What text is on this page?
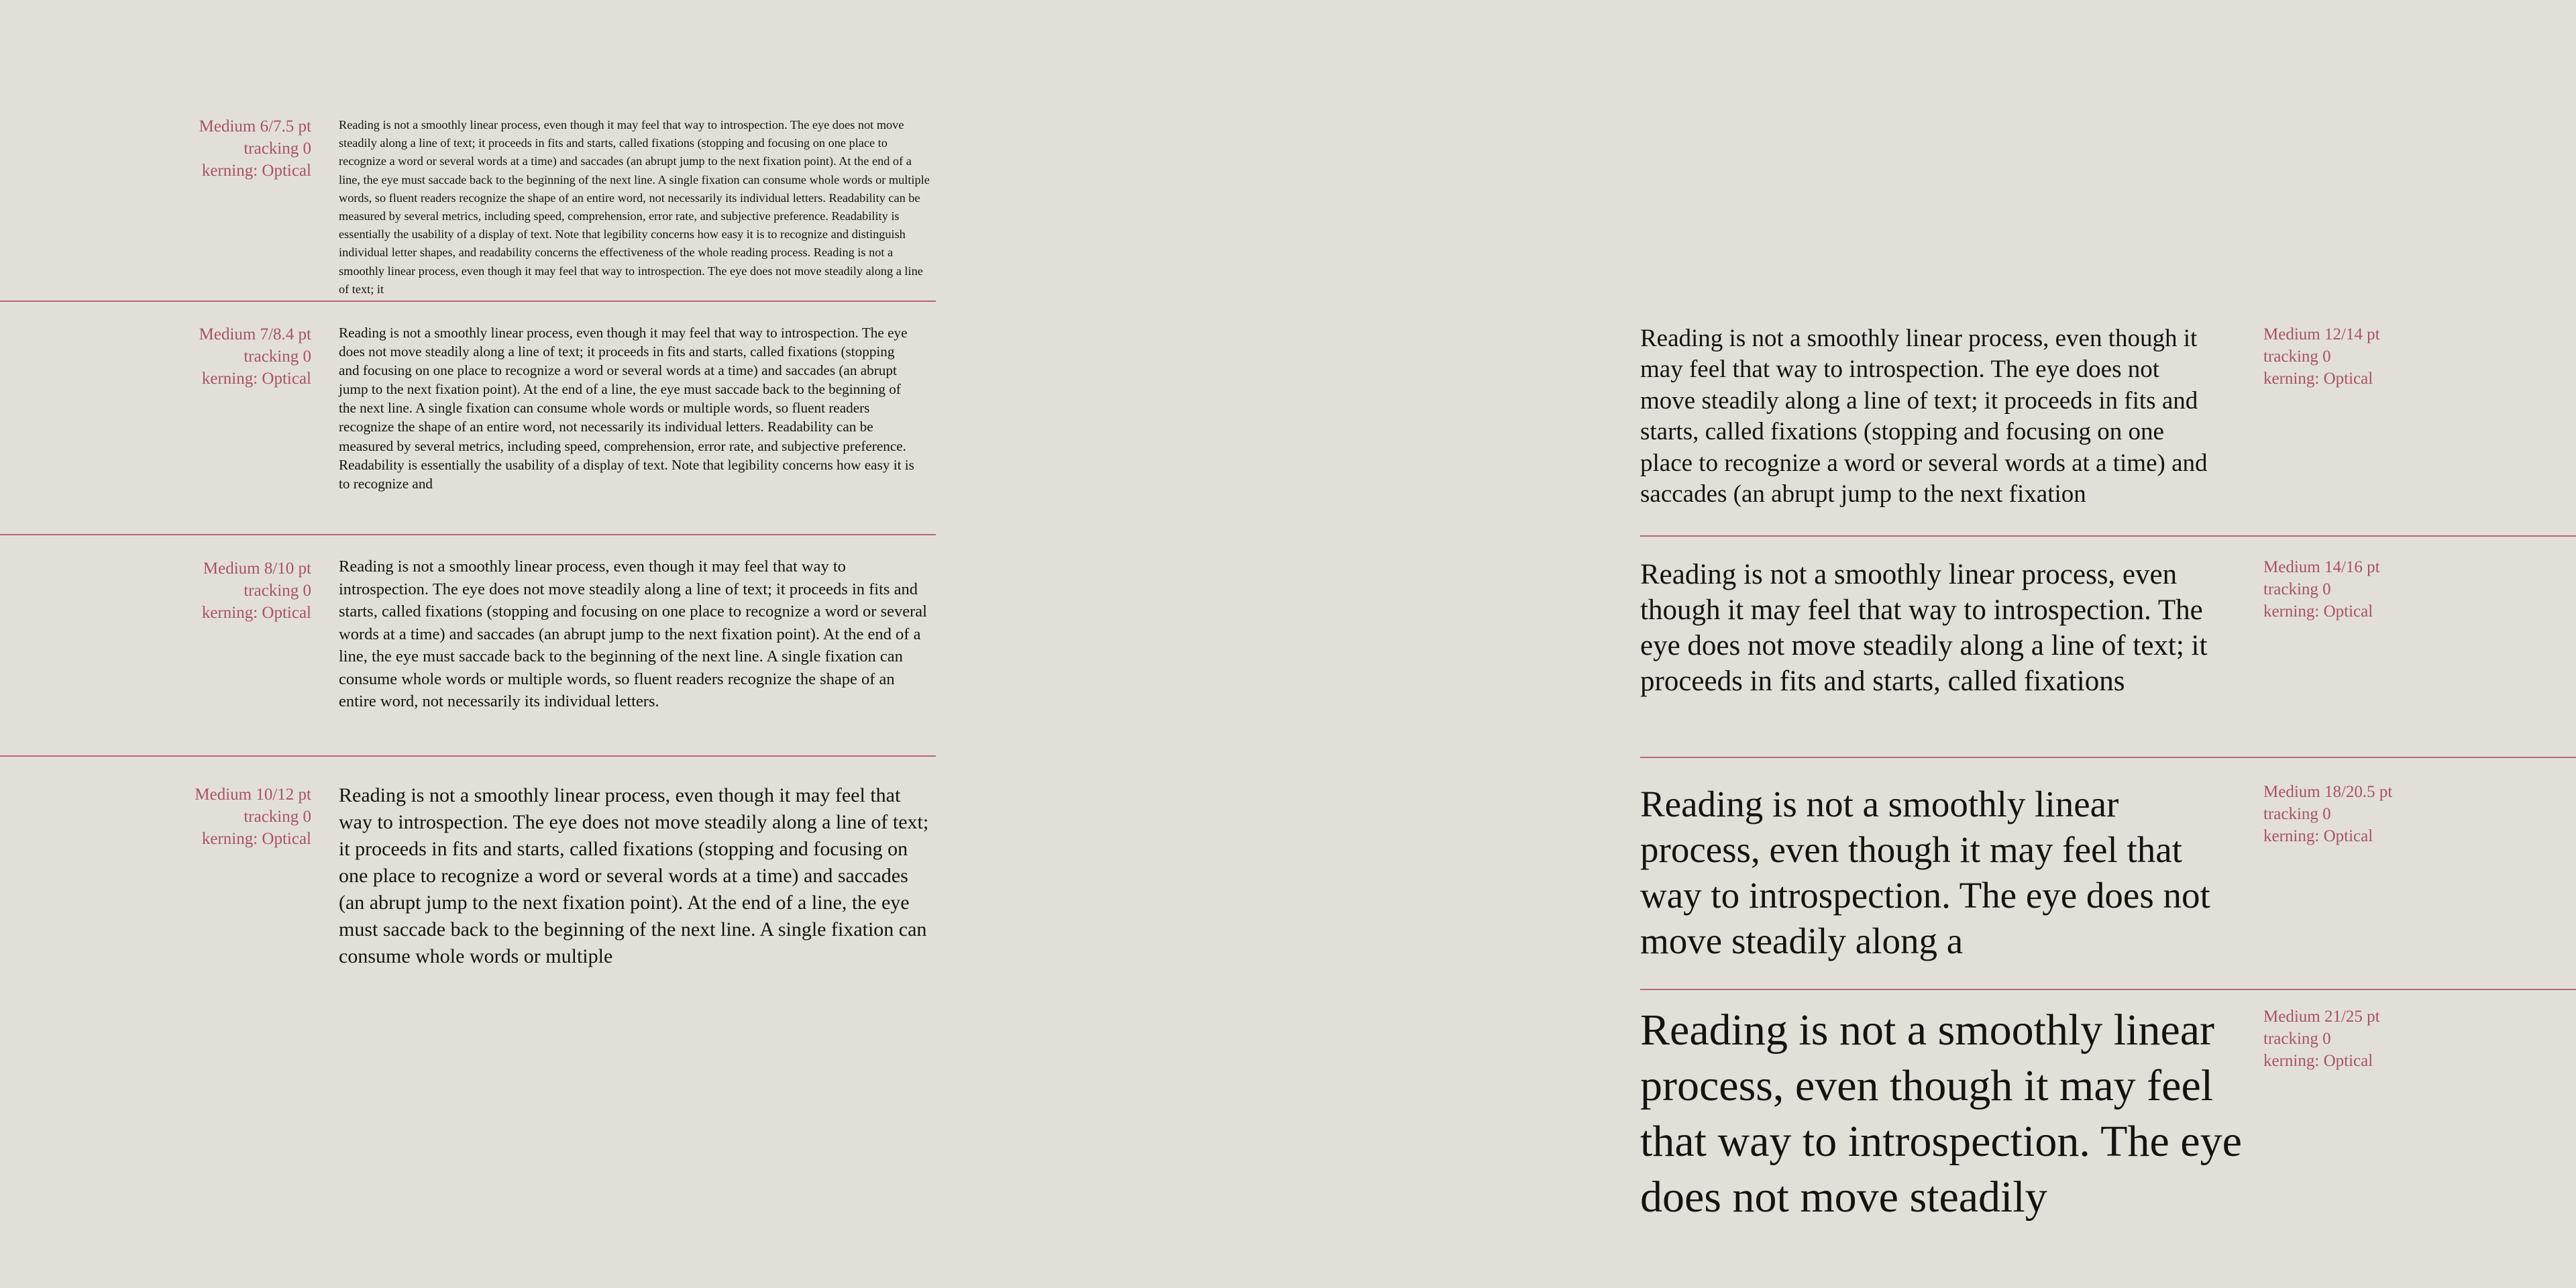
Medium 6/7.5 pt
tracking 0
kerning: Optical
Reading is not a smoothly linear process, even though it may feel that way to introspection. The eye does not move steadily along a line of text; it proceeds in fits and starts, called fixations (stopping and focusing on one place to recognize a word or several words at a time) and saccades (an abrupt jump to the next fixation point). At the end of a line, the eye must saccade back to the beginning of the next line. A single fixation can consume whole words or multiple words, so fluent readers recognize the shape of an entire word, not necessarily its individual letters. Readability can be measured by several metrics, including speed, comprehension, error rate, and subjective preference. Readability is essentially the usability of a display of text. Note that legibility concerns how easy it is to recognize and distinguish individual letter shapes, and readability concerns the effectiveness of the whole reading process. Reading is not a smoothly linear process, even though it may feel that way to introspection. The eye does not move steadily along a line of text; it
Medium 7/8.4 pt
tracking 0
kerning: Optical
Reading is not a smoothly linear process, even though it may feel that way to introspection. The eye does not move steadily along a line of text; it proceeds in fits and starts, called fixations (stopping and focusing on one place to recognize a word or several words at a time) and saccades (an abrupt jump to the next fixation point). At the end of a line, the eye must saccade back to the beginning of the next line. A single fixation can consume whole words or multiple words, so fluent readers recognize the shape of an entire word, not necessarily its individual letters. Readability can be measured by several metrics, including speed, comprehension, error rate, and subjective preference. Readability is essentially the usability of a display of text. Note that legibility concerns how easy it is to recognize and
Medium 8/10 pt
tracking 0
kerning: Optical
Reading is not a smoothly linear process, even though it may feel that way to introspection. The eye does not move steadily along a line of text; it proceeds in fits and starts, called fixations (stopping and focusing on one place to recognize a word or several words at a time) and saccades (an abrupt jump to the next fixation point). At the end of a line, the eye must saccade back to the beginning of the next line. A single fixation can consume whole words or multiple words, so fluent readers recognize the shape of an entire word, not necessarily its individual letters.
Medium 10/12 pt
tracking 0
kerning: Optical
Reading is not a smoothly linear process, even though it may feel that way to introspection. The eye does not move steadily along a line of text; it proceeds in fits and starts, called fixations (stopping and focusing on one place to recognize a word or several words at a time) and saccades (an abrupt jump to the next fixation point). At the end of a line, the eye must saccade back to the beginning of the next line. A single fixation can consume whole words or multiple
Reading is not a smoothly linear process, even though it may feel that way to introspection. The eye does not move steadily along a line of text; it proceeds in fits and starts, called fixations (stopping and focusing on one place to recognize a word or several words at a time) and saccades (an abrupt jump to the next fixation
Medium 12/14 pt
tracking 0
kerning: Optical
Reading is not a smoothly linear process, even though it may feel that way to introspection. The eye does not move steadily along a line of text; it proceeds in fits and starts, called fixations
Medium 14/16 pt
tracking 0
kerning: Optical
Reading is not a smoothly linear process, even though it may feel that way to introspection. The eye does not move steadily along a
Medium 18/20.5 pt
tracking 0
kerning: Optical
Reading is not a smoothly linear process, even though it may feel that way to introspection. The eye does not move steadily
Medium 21/25 pt
tracking 0
kerning: Optical
